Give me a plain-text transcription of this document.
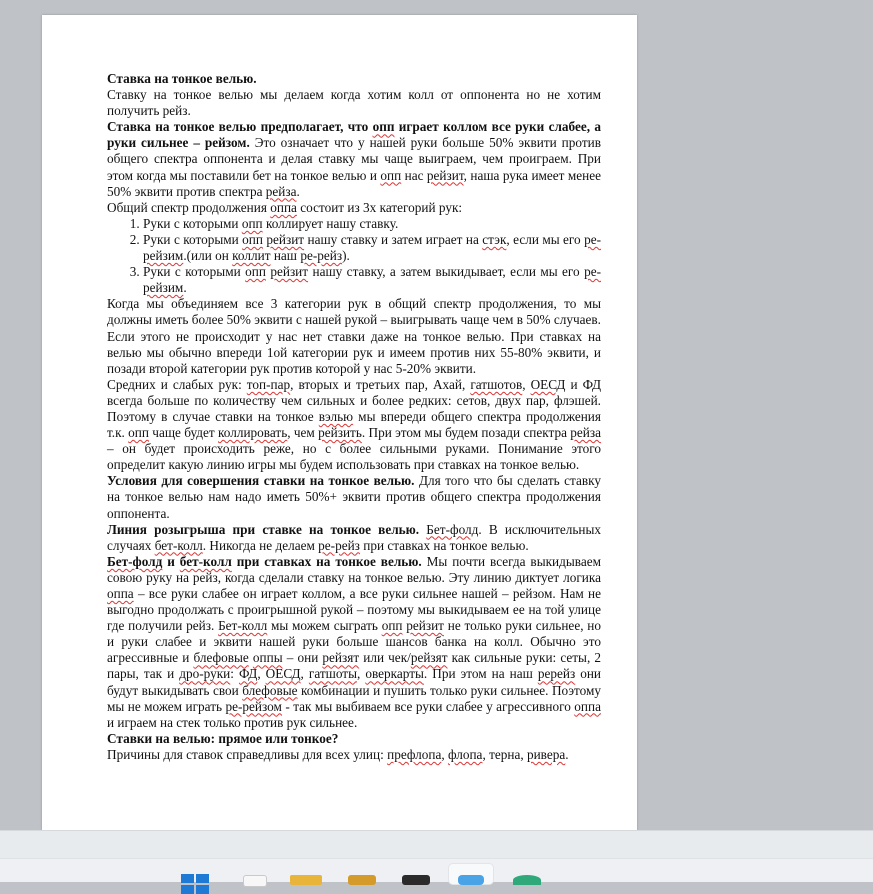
Ставка на тонкое велью.

Ставку на тонкое велью мы делаем когда хотим колл от оппонента но не хотим получить рейз.

Ставка на тонкое велью предполагает, что опп играет коллом все руки слабее, а руки сильнее – рейзом. Это означает что у нашей руки больше 50% эквити против общего спектра оппонента и делая ставку мы чаще выиграем, чем проиграем. При этом когда мы поставили бет на тонкое велью и опп нас рейзит, наша рука имеет менее 50% эквити против спектра рейза.

Общий спектр продолжения оппа состоит из 3х категорий рук:

1. Руки с которыми опп коллирует нашу ставку.
2. Руки с которыми опп рейзит нашу ставку и затем играет на стэк, если мы его ре-рейзим.(или он коллит наш ре-рейз).
3. Руки с которыми опп рейзит нашу ставку, а затем выкидывает, если мы его ре-рейзим.

Когда мы объединяем все 3 категории рук в общий спектр продолжения, то мы должны иметь более 50% эквити с нашей рукой – выигрывать чаще чем в 50% случаев. Если этого не происходит у нас нет ставки даже на тонкое велью. При ставках на велью мы обычно впереди 1ой категории рук и имеем против них 55-80% эквити, и позади второй категории рук против которой у нас 5-20% эквити.

Средних и слабых рук: топ-пар, вторых и третьих пар, Ахай, гатшотов, ОЕСД и ФД всегда больше по количеству чем сильных и более редких: сетов, двух пар, флэшей. Поэтому в случае ставки на тонкое вэлью мы впереди общего спектра продолжения т.к. опп чаще будет коллировать, чем рейзить. При этом мы будем позади спектра рейза – он будет происходить реже, но с более сильными руками. Понимание этого определит какую линию игры мы будем использовать при ставках на тонкое велью.

Условия для совершения ставки на тонкое велью. Для того что бы сделать ставку на тонкое велью нам надо иметь 50%+ эквити против общего спектра продолжения оппонента.

Линия розыгрыша при ставке на тонкое велью. Бет-фолд. В исключительных случаях бет-колл. Никогда не делаем ре-рейз при ставках на тонкое велью.

Бет-фолд и бет-колл при ставках на тонкое велью. Мы почти всегда выкидываем совою руку на рейз, когда сделали ставку на тонкое велью. Эту линию диктует логика оппа – все руки слабее он играет коллом, а все руки сильнее нашей – рейзом. Нам не выгодно продолжать с проигрышной рукой – поэтому мы выкидываем ее на той улице где получили рейз. Бет-колл мы можем сыграть опп рейзит не только руки сильнее, но и руки слабее и эквити нашей руки больше шансов банка на колл. Обычно это агрессивные и блефовые оппы – они рейзят или чек/рейзят как сильные руки: сеты, 2 пары, так и дро-руки: ФД, ОЕСД, гатшоты, оверкарты. При этом на наш ререйз они будут выкидывать свои блефовые комбинации и пушить только руки сильнее. Поэтому мы не можем играть ре-рейзом - так мы выбиваем все руки слабее у агрессивного оппа и играем на стек только против рук сильнее.

Ставки на велью: прямое или тонкое?

Причины для ставок справедливы для всех улиц: префлопа, флопа, терна, ривера.
